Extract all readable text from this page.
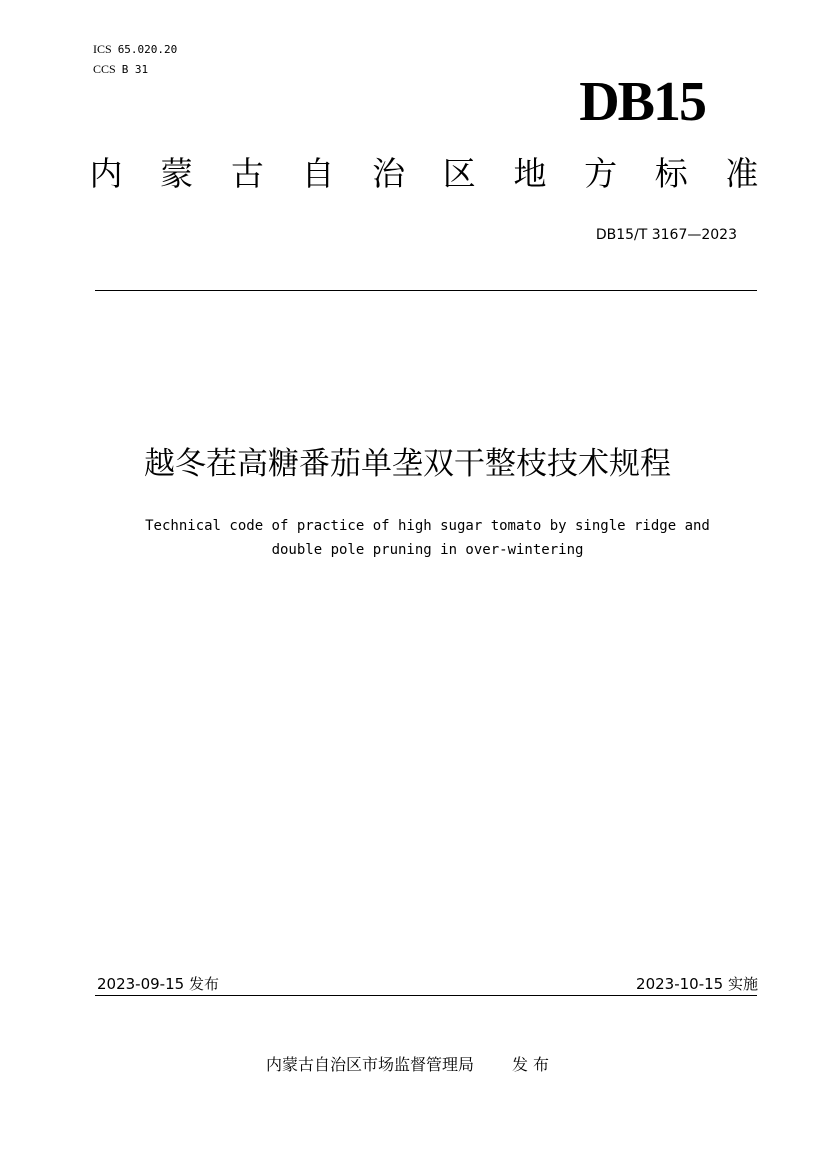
ICS 65.020.20
CCS B 31
DB15
内 蒙 古 自 治 区 地 方 标 准
DB15/T 3167—2023
越冬茬高糖番茄单垄双干整枝技术规程
Technical code of practice of high sugar tomato by single ridge and
double pole pruning in over-wintering
2023-09-15 发布	2023-10-15 实施
内蒙古自治区市场监督管理局 发 布
